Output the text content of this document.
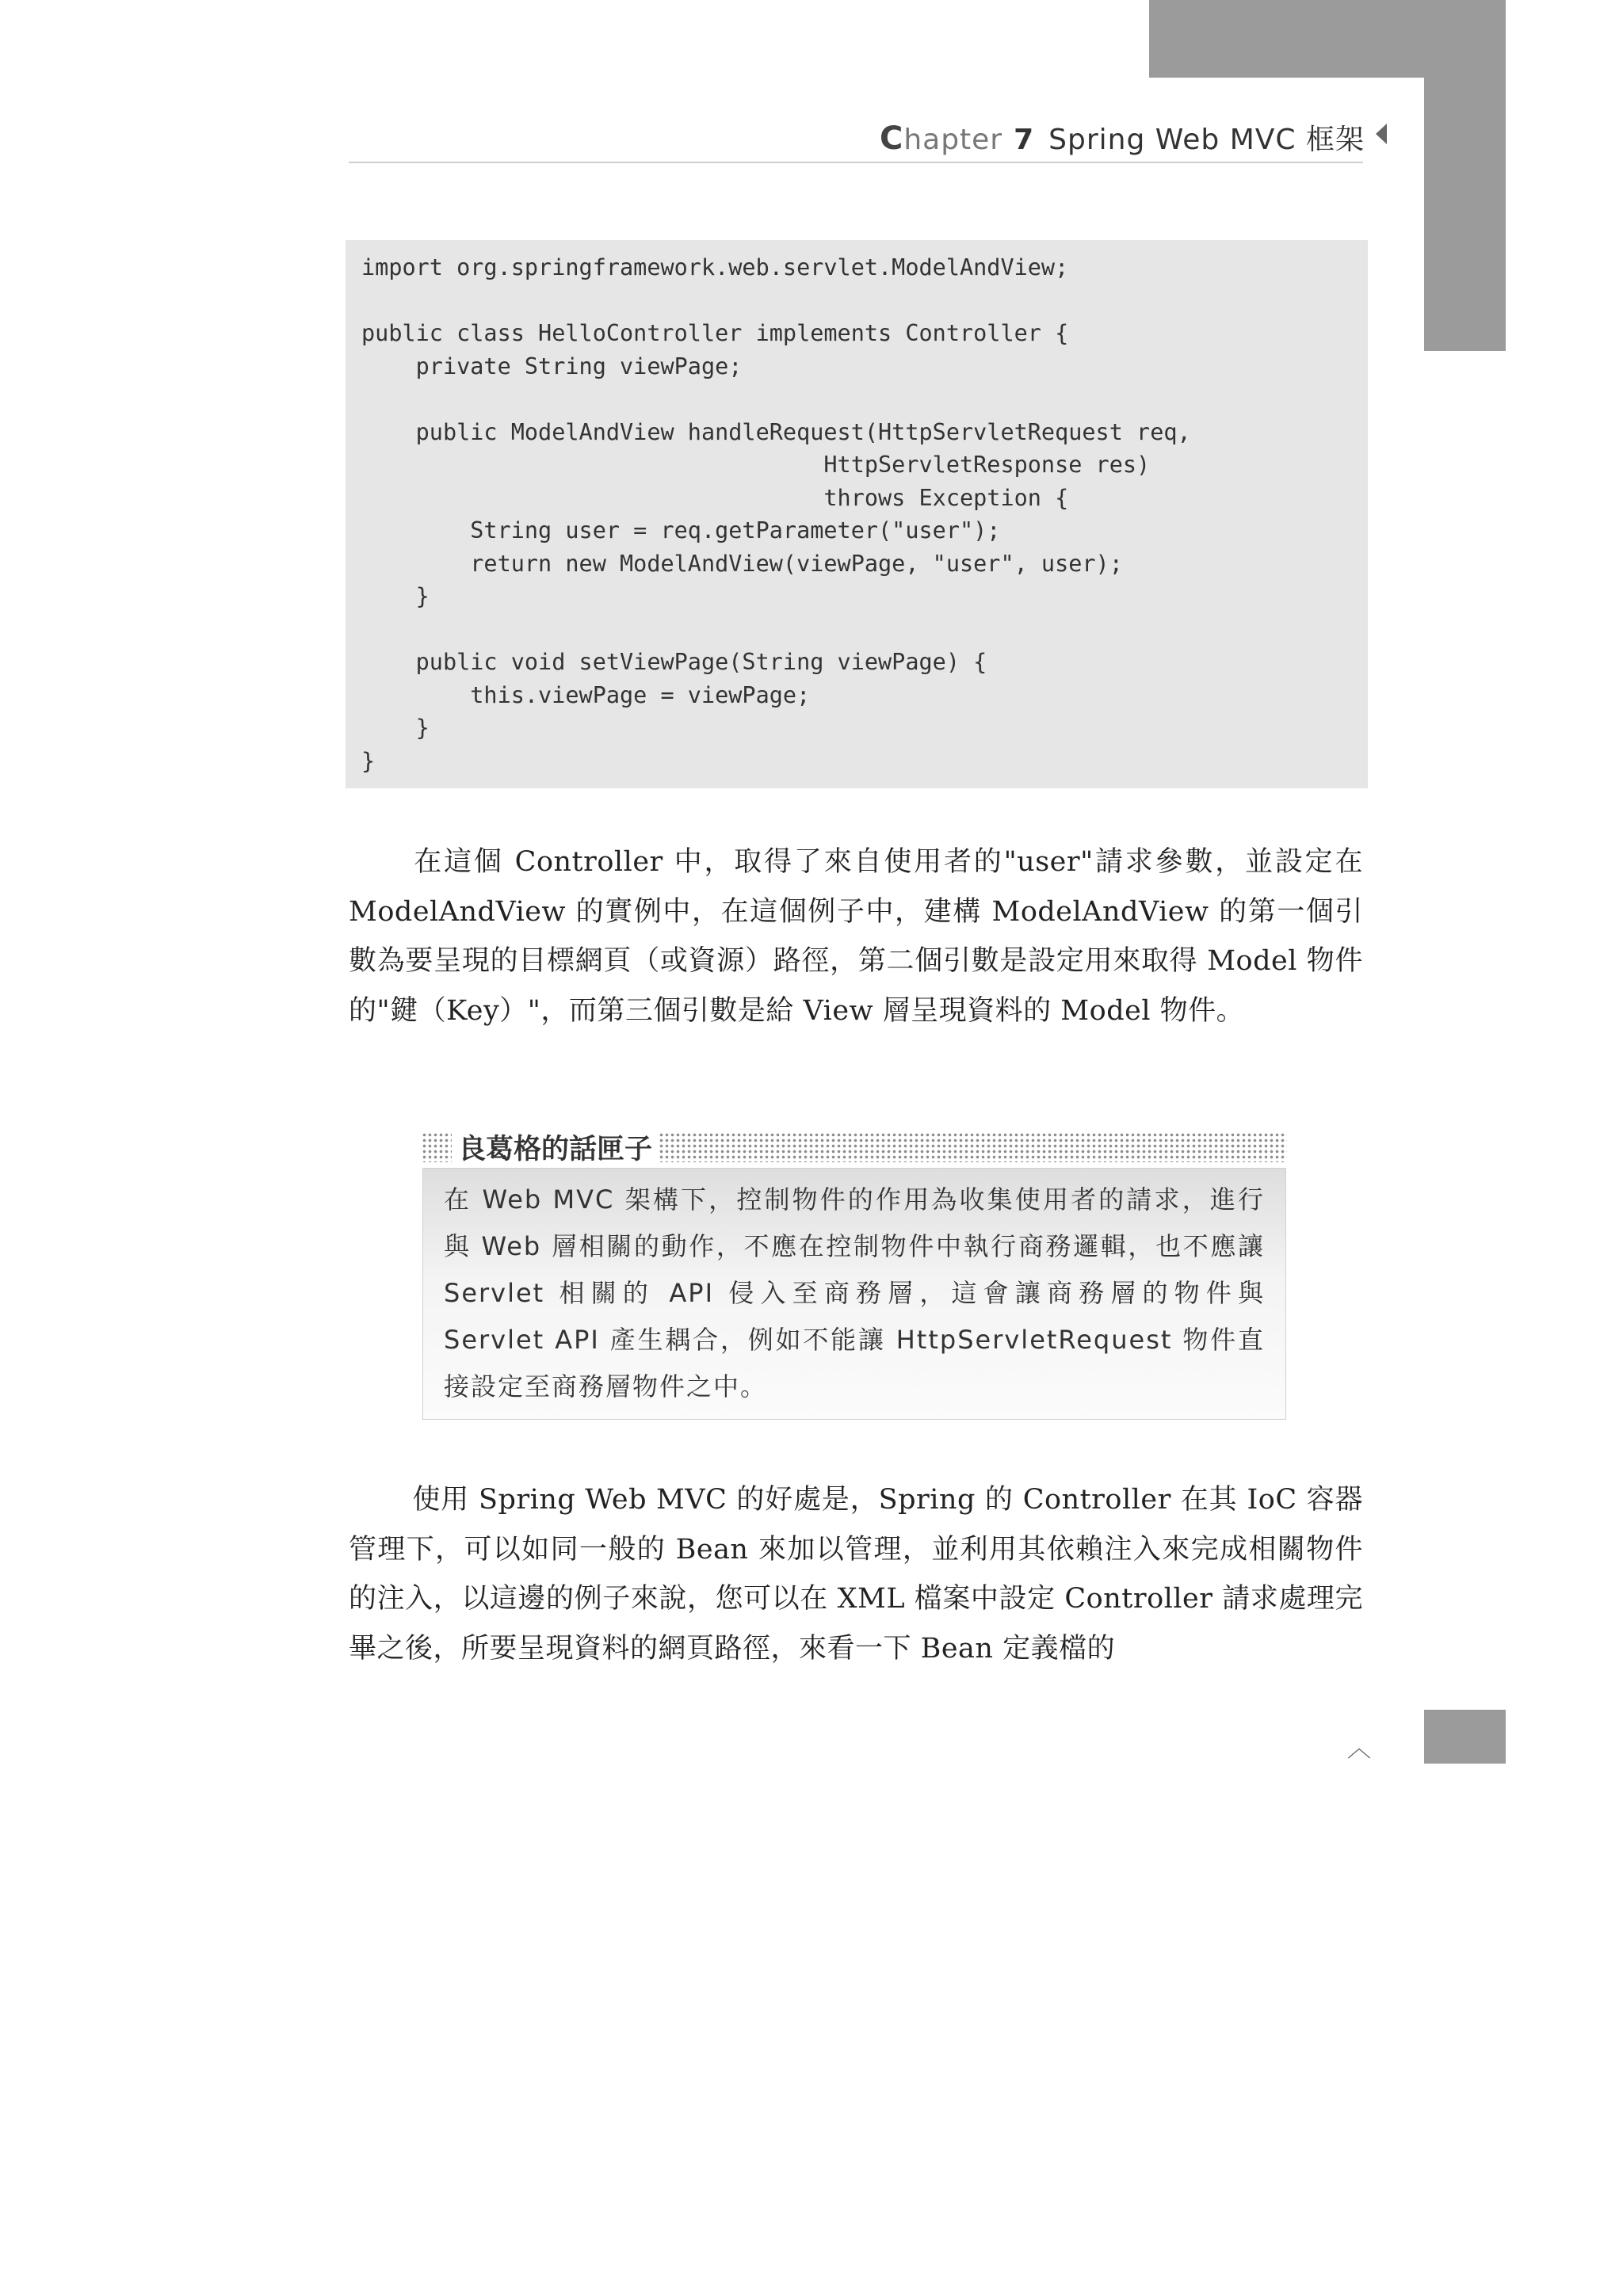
C hapter 7 Spring Web MVC 框架
import org.springframework.web.servlet.ModelAndView;

public class HelloController implements Controller {
private String viewPage;

public ModelAndView handleRequest(HttpServletRequest req,
HttpServletResponse res)
throws Exception {
String user = req.getParameter("user");
return new ModelAndView(viewPage, "user", user);
}

public void setViewPage(String viewPage) {
this.viewPage = viewPage;
}
}
在這個 Controller 中，取得了來自使用者的"user"請求參數，並設定在 ModelAndView 的實例中，在這個例子中，建構 ModelAndView 的第一個引數為要呈現的目標網頁（或資源）路徑，第二個引數是設定用來取得 Model 物件的"鍵（Key）"，而第三個引數是給 View 層呈現資料的 Model 物件。
良葛格的話匣子
在 Web MVC 架構下，控制物件的作用為收集使用者的請求，進行與 Web 層相關的動作，不應在控制物件中執行商務邏輯，也不應讓 Servlet 相關的 API 侵入至商務層，這會讓商務層的物件與 Servlet API 產生耦合，例如不能讓 HttpServletRequest 物件直接設定至商務層物件之中。
使用 Spring Web MVC 的好處是，Spring 的 Controller 在其 IoC 容器管理下，可以如同一般的 Bean 來加以管理，並利用其依賴注入來完成相關物件的注入，以這邊的例子來說，您可以在 XML 檔案中設定 Controller 請求處理完畢之後，所要呈現資料的網頁路徑，來看一下 Bean 定義檔的
︿
